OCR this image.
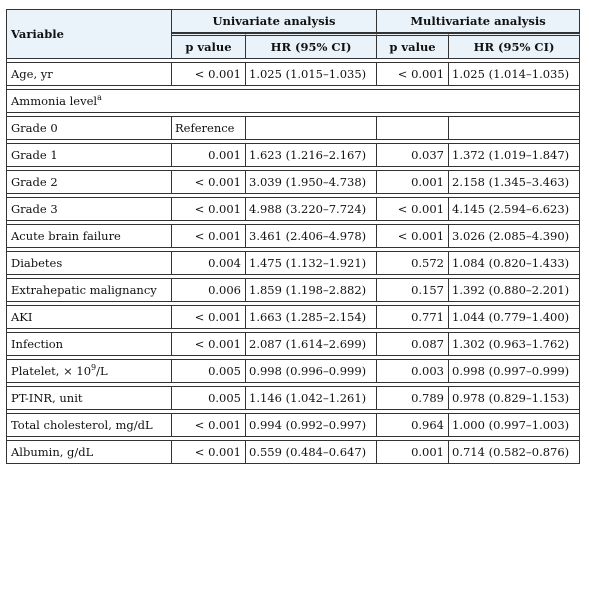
Variable	Univariate analysis		Multivariate analysis	
	p value	HR (95% CI)	p value	HR (95% CI)

Age, yr	< 0.001	1.025 (1.015–1.035)	< 0.001	1.025 (1.014–1.035)

Ammonia level$^a$

Grade 0	Reference			

Grade 1	0.001	1.623 (1.216–2.167)	0.037	1.372 (1.019–1.847)

Grade 2	< 0.001	3.039 (1.950–4.738)	0.001	2.158 (1.345–3.463)

Grade 3	< 0.001	4.988 (3.220–7.724)	< 0.001	4.145 (2.594–6.623)

Acute brain failure	< 0.001	3.461 (2.406–4.978)	< 0.001	3.026 (2.085–4.390)

Diabetes	0.004	1.475 (1.132–1.921)	0.572	1.084 (0.820–1.433)

Extrahepatic malignancy	0.006	1.859 (1.198–2.882)	0.157	1.392 (0.880–2.201)

AKI	< 0.001	1.663 (1.285–2.154)	0.771	1.044 (0.779–1.400)

Infection	< 0.001	2.087 (1.614–2.699)	0.087	1.302 (0.963–1.762)

Platelet, × $10^9/L$	0.005	0.998 (0.996–0.999)	0.003	0.998 (0.997–0.999)

PT-INR, unit	0.005	1.146 (1.042–1.261)	0.789	0.978 (0.829–1.153)

Total cholesterol, mg/dL	< 0.001	0.994 (0.992–0.997)	0.964	1.000 (0.997–1.003)

Albumin, g/dL	< 0.001	0.559 (0.484–0.647)	0.001	0.714 (0.582–0.876)
